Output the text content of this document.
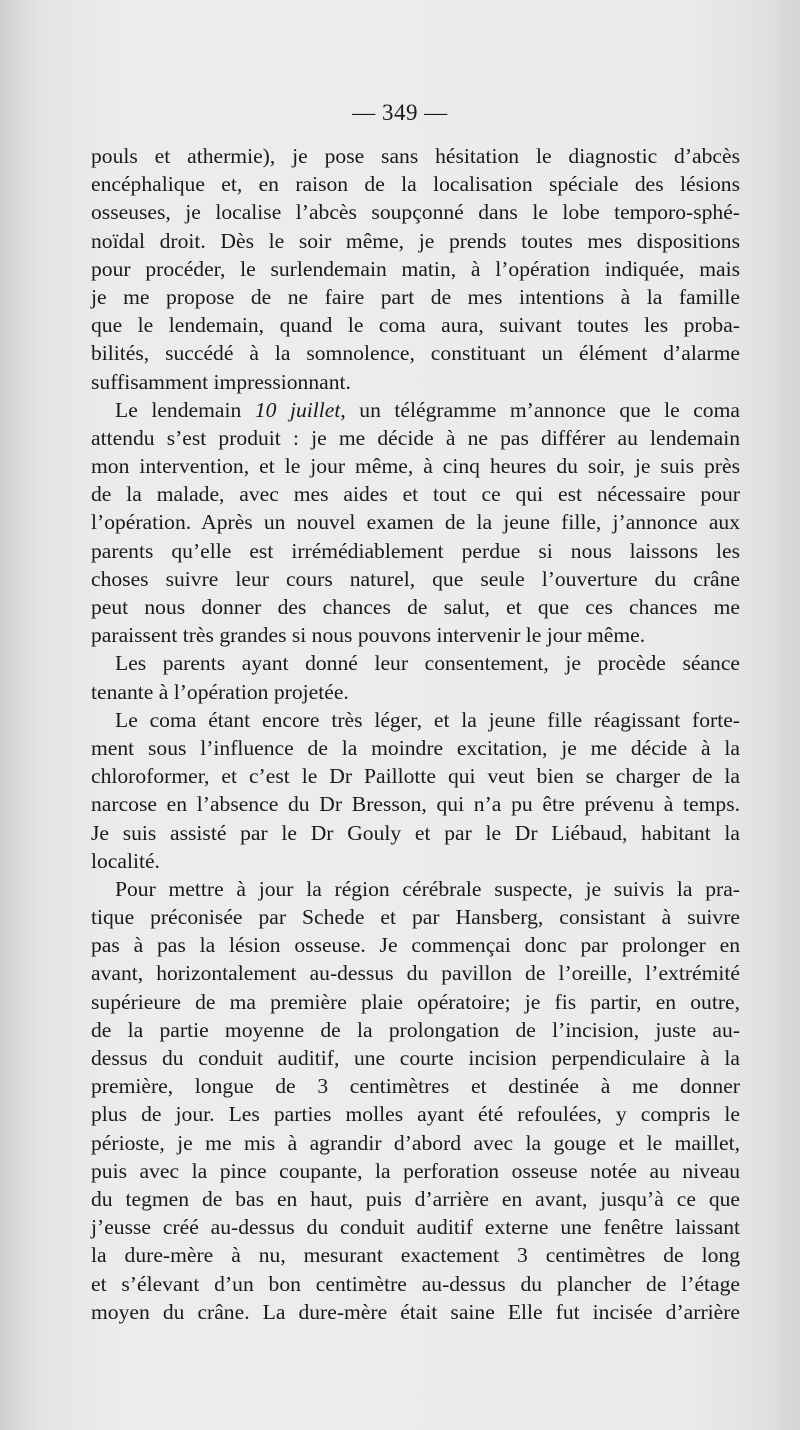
— 349 —
pouls et athermie), je pose sans hésitation le diagnostic d’abcès
encéphalique et, en raison de la localisation spéciale des lésions
osseuses, je localise l’abcès soupçonné dans le lobe temporo-sphé-
noïdal droit. Dès le soir même, je prends toutes mes dispositions
pour procéder, le surlendemain matin, à l’opération indiquée, mais
je me propose de ne faire part de mes intentions à la famille
que le lendemain, quand le coma aura, suivant toutes les proba-
bilités, succédé à la somnolence, constituant un élément d’alarme
suffisamment impressionnant.
Le lendemain 10 juillet, un télégramme m’annonce que le coma
attendu s’est produit : je me décide à ne pas différer au lendemain
mon intervention, et le jour même, à cinq heures du soir, je suis près
de la malade, avec mes aides et tout ce qui est nécessaire pour
l’opération. Après un nouvel examen de la jeune fille, j’annonce aux
parents qu’elle est irrémédiablement perdue si nous laissons les
choses suivre leur cours naturel, que seule l’ouverture du crâne
peut nous donner des chances de salut, et que ces chances me
paraissent très grandes si nous pouvons intervenir le jour même.
Les parents ayant donné leur consentement, je procède séance
tenante à l’opération projetée.
Le coma étant encore très léger, et la jeune fille réagissant forte-
ment sous l’influence de la moindre excitation, je me décide à la
chloroformer, et c’est le Dr Paillotte qui veut bien se charger de la
narcose en l’absence du Dr Bresson, qui n’a pu être prévenu à temps.
Je suis assisté par le Dr Gouly et par le Dr Liébaud, habitant la
localité.
Pour mettre à jour la région cérébrale suspecte, je suivis la pra-
tique préconisée par Schede et par Hansberg, consistant à suivre
pas à pas la lésion osseuse. Je commençai donc par prolonger en
avant, horizontalement au-dessus du pavillon de l’oreille, l’extrémité
supérieure de ma première plaie opératoire; je fis partir, en outre,
de la partie moyenne de la prolongation de l’incision, juste au-
dessus du conduit auditif, une courte incision perpendiculaire à la
première, longue de 3 centimètres et destinée à me donner
plus de jour. Les parties molles ayant été refoulées, y compris le
périoste, je me mis à agrandir d’abord avec la gouge et le maillet,
puis avec la pince coupante, la perforation osseuse notée au niveau
du tegmen de bas en haut, puis d’arrière en avant, jusqu’à ce que
j’eusse créé au-dessus du conduit auditif externe une fenêtre laissant
la dure-mère à nu, mesurant exactement 3 centimètres de long
et s’élevant d’un bon centimètre au-dessus du plancher de l’étage
moyen du crâne. La dure-mère était saine Elle fut incisée d’arrière
